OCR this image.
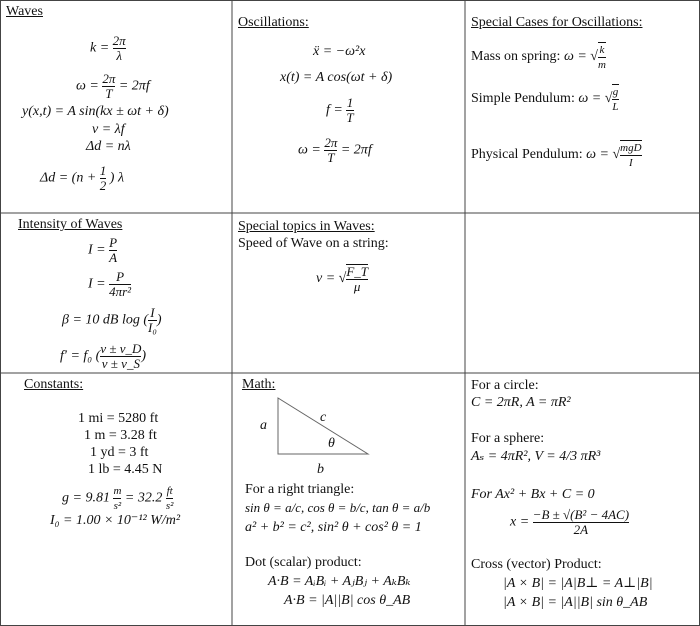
Waves
$k = \frac{2\pi}{\lambda}$
$\omega = \frac{2\pi}{T} = 2\pi f$
y(x,t) = A sin(kx ± ωt + δ)
v = λf
Δd = nλ
$\Delta d = (n + \frac{1}{2}$ ) λ
Oscillations:
ẍ = −ω²x
x(t) = A cos(ωt + δ)
$f = \frac{1}{T}$
$\omega = \frac{2\pi}{T} = 2\pi f$
Special Cases for Oscillations:
Mass on spring: ω = √ $\frac{k}{m}$
Simple Pendulum: ω = √ $\frac{g}{L}$
Physical Pendulum: ω = √ $\frac{\text{mgD}}{I}$
Intensity of Waves
$I = \frac{P}{A}$
$I = \frac{P}{\text{4πr²}}$
β = 10 dB log ( $\frac{I}{\text{I₀}}$ )
f′ = f₀ ( $\frac{v \pm v\_D}{v \pm v\_S}$ )
Special topics in Waves:
Speed of Wave on a string:
v = √ $\frac{F\_T}{\mu}$
Constants:
1 mi = 5280 ft
1 m = 3.28 ft
1 yd = 3 ft
1 lb = 4.45 N
$g = 9.81 \frac{m}{\text{s²}} = 32.2 \frac{ft}{\text{s²}}$
I₀ = 1.00 × 10⁻¹² W/m²
Math:
a
c
θ
b
For a right triangle:
sin θ = a/c, cos θ = b/c, tan θ = a/b
a² + b² = c², sin² θ + cos² θ = 1
Dot (scalar) product:
A·B = AᵢBᵢ + AⱼBⱼ + AₖBₖ
A·B = |A||B| cos θ_AB
For a circle:
C = 2πR, A = πR²
For a sphere:
Aₛ = 4πR², V = 4/3 πR³
For Ax² + Bx + C = 0
$x = \frac{\text{−B ± √(B² − 4AC)}}{2A}$
Cross (vector) Product:
|A × B| = |A|B⊥ = A⊥|B|
|A × B| = |A||B| sin θ_AB
